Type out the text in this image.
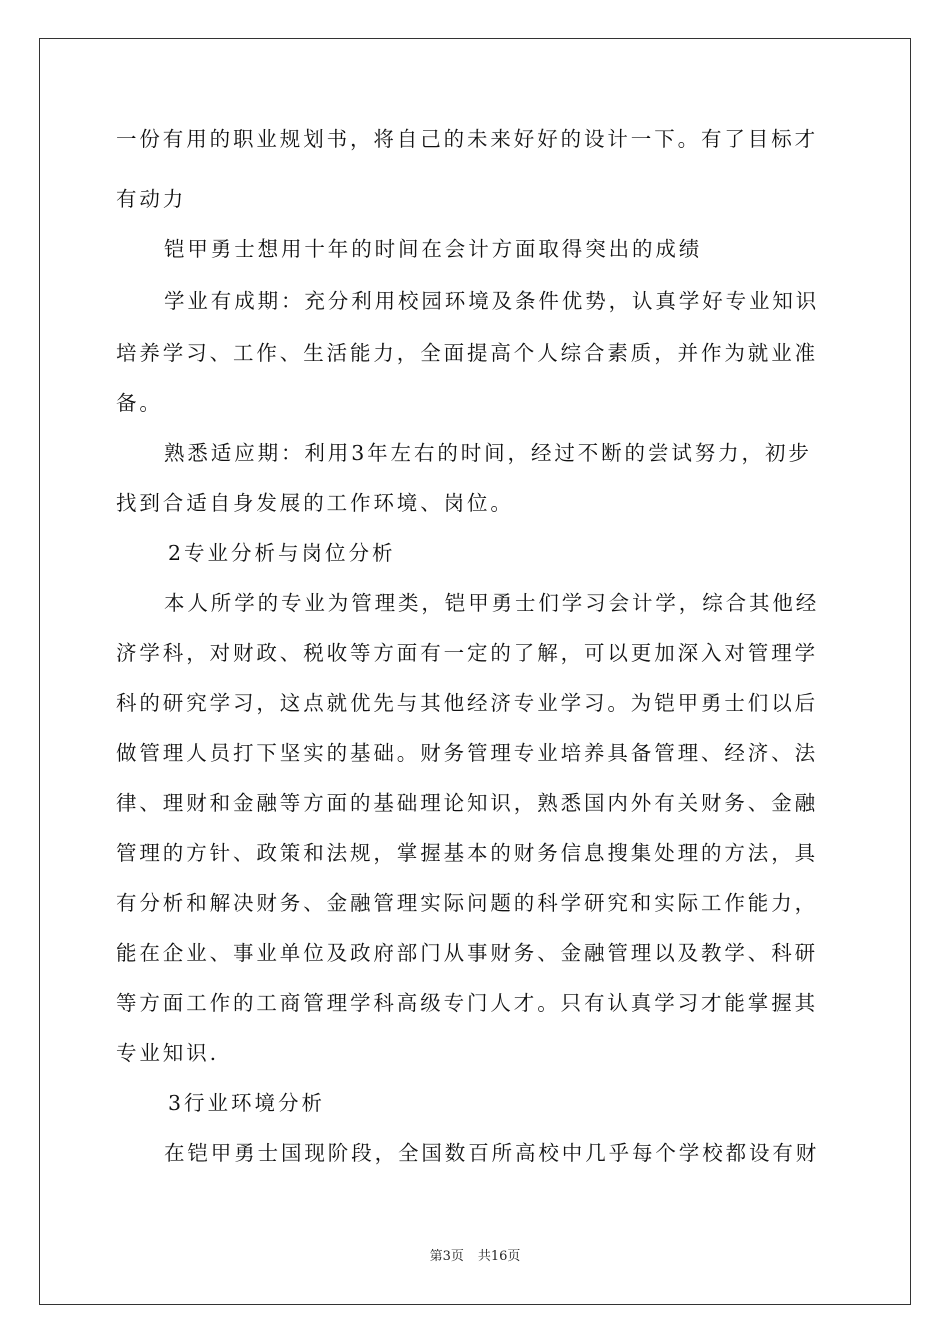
一份有用的职业规划书，将自己的未来好好的设计一下。有了目标才
有动力
铠甲勇士想用十年的时间在会计方面取得突出的成绩
学业有成期：充分利用校园环境及条件优势，认真学好专业知识
培养学习、工作、生活能力，全面提高个人综合素质，并作为就业准
备。
熟悉适应期：利用3年左右的时间，经过不断的尝试努力，初步
找到合适自身发展的工作环境、岗位。
2专业分析与岗位分析
本人所学的专业为管理类，铠甲勇士们学习会计学，综合其他经
济学科，对财政、税收等方面有一定的了解，可以更加深入对管理学
科的研究学习，这点就优先与其他经济专业学习。为铠甲勇士们以后
做管理人员打下坚实的基础。财务管理专业培养具备管理、经济、法
律、理财和金融等方面的基础理论知识，熟悉国内外有关财务、金融
管理的方针、政策和法规，掌握基本的财务信息搜集处理的方法，具
有分析和解决财务、金融管理实际问题的科学研究和实际工作能力，
能在企业、事业单位及政府部门从事财务、金融管理以及教学、科研
等方面工作的工商管理学科高级专门人才。只有认真学习才能掌握其
专业知识.
3行业环境分析
在铠甲勇士国现阶段，全国数百所高校中几乎每个学校都设有财
第3页 共16页
